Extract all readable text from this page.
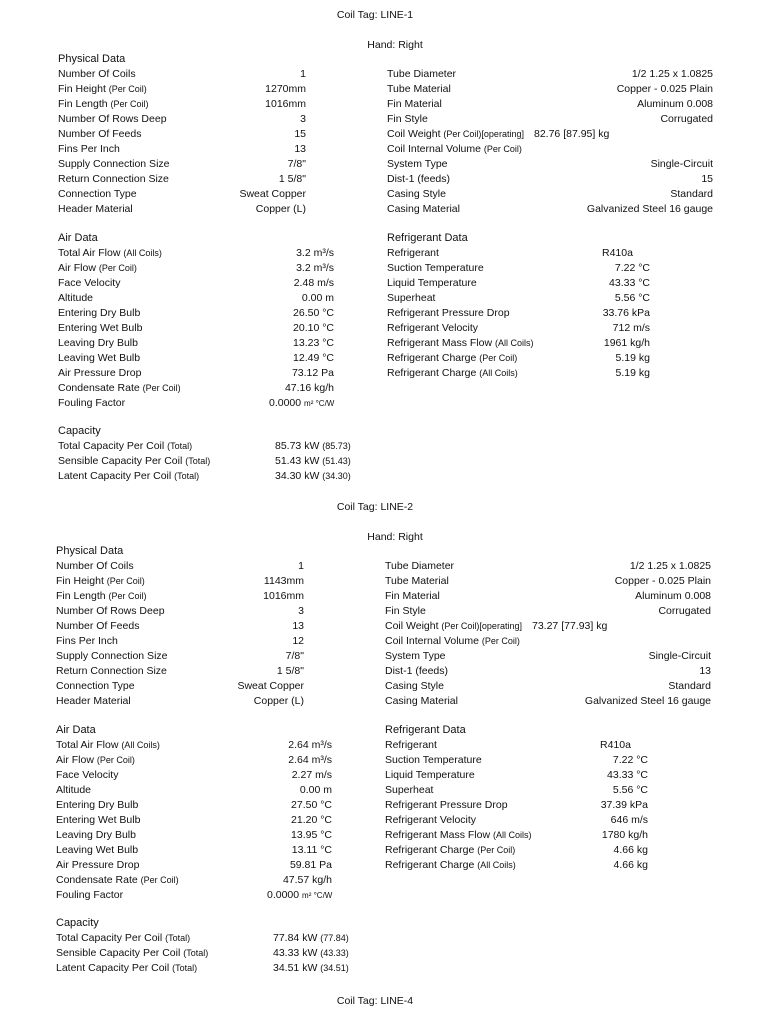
Coil Tag: LINE-1
Hand: Right
Physical Data
Number Of Coils	1
Fin Height (Per Coil)	1270mm
Fin Length (Per Coil)	1016mm
Number Of Rows Deep	3
Number Of Feeds	15
Fins Per Inch	13
Supply Connection Size	7/8"
Return Connection Size	1 5/8"
Connection Type	Sweat Copper
Header Material	Copper (L)
Tube Diameter	1/2 1.25 x 1.0825
Tube Material	Copper - 0.025 Plain
Fin Material	Aluminum 0.008
Fin Style	Corrugated
Coil Weight (Per Coil)[operating] 82.76 [87.95] kg
Coil Internal Volume (Per Coil)
System Type	Single-Circuit
Dist-1 (feeds)	15
Casing Style	Standard
Casing Material	Galvanized Steel 16 gauge
Air Data
Total Air Flow (All Coils)	3.2 m³/s
Air Flow (Per Coil)	3.2 m³/s
Face Velocity	2.48 m/s
Altitude	0.00 m
Entering Dry Bulb	26.50 °C
Entering Wet Bulb	20.10 °C
Leaving Dry Bulb	13.23 °C
Leaving Wet Bulb	12.49 °C
Air Pressure Drop	73.12 Pa
Condensate Rate (Per Coil)	47.16 kg/h
Fouling Factor	0.0000 m² °C/W
Refrigerant Data
Refrigerant	R410a
Suction Temperature	7.22 °C
Liquid Temperature	43.33 °C
Superheat	5.56 °C
Refrigerant Pressure Drop	33.76 kPa
Refrigerant Velocity	712 m/s
Refrigerant Mass Flow (All Coils)	1961 kg/h
Refrigerant Charge (Per Coil)	5.19 kg
Refrigerant Charge (All Coils)	5.19 kg
Capacity
Total Capacity Per Coil (Total)	85.73 kW (85.73)
Sensible Capacity Per Coil (Total)	51.43 kW (51.43)
Latent Capacity Per Coil (Total)	34.30 kW (34.30)
Coil Tag: LINE-2
Hand: Right
Physical Data
Number Of Coils	1
Fin Height (Per Coil)	1143mm
Fin Length (Per Coil)	1016mm
Number Of Rows Deep	3
Number Of Feeds	13
Fins Per Inch	12
Supply Connection Size	7/8"
Return Connection Size	1 5/8"
Connection Type	Sweat Copper
Header Material	Copper (L)
Tube Diameter	1/2 1.25 x 1.0825
Tube Material	Copper - 0.025 Plain
Fin Material	Aluminum 0.008
Fin Style	Corrugated
Coil Weight (Per Coil)[operating] 73.27 [77.93] kg
Coil Internal Volume (Per Coil)
System Type	Single-Circuit
Dist-1 (feeds)	13
Casing Style	Standard
Casing Material	Galvanized Steel 16 gauge
Air Data
Total Air Flow (All Coils)	2.64 m³/s
Air Flow (Per Coil)	2.64 m³/s
Face Velocity	2.27 m/s
Altitude	0.00 m
Entering Dry Bulb	27.50 °C
Entering Wet Bulb	21.20 °C
Leaving Dry Bulb	13.95 °C
Leaving Wet Bulb	13.11 °C
Air Pressure Drop	59.81 Pa
Condensate Rate (Per Coil)	47.57 kg/h
Fouling Factor	0.0000 m² °C/W
Refrigerant Data
Refrigerant	R410a
Suction Temperature	7.22 °C
Liquid Temperature	43.33 °C
Superheat	5.56 °C
Refrigerant Pressure Drop	37.39 kPa
Refrigerant Velocity	646 m/s
Refrigerant Mass Flow (All Coils)	1780 kg/h
Refrigerant Charge (Per Coil)	4.66 kg
Refrigerant Charge (All Coils)	4.66 kg
Capacity
Total Capacity Per Coil (Total)	77.84 kW (77.84)
Sensible Capacity Per Coil (Total)	43.33 kW (43.33)
Latent Capacity Per Coil (Total)	34.51 kW (34.51)
Coil Tag: LINE-4
